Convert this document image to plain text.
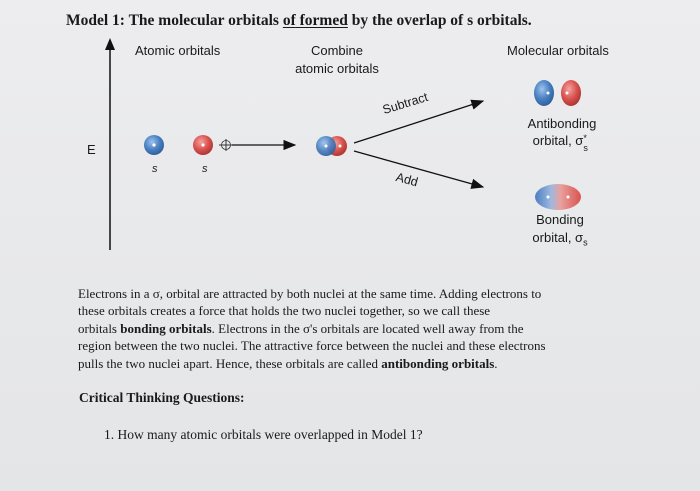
Model 1: The molecular orbitals of formed by the overlap of s orbitals.
Atomic orbitals	Combine
atomic orbitals
Molecular orbitals
E
s	s
Subtract
Add
Antibonding
orbital, σ *
s

Bonding
orbital, $\sigma_s$
Electrons in a σ, orbital are attracted by both nuclei at the same time. Adding electrons to
these orbitals creates a force that holds the two nuclei together, so we call these
orbitals bonding orbitals. Electrons in the σ's orbitals are located well away from the
region between the two nuclei. The attractive force between the nuclei and these electrons
pulls the two nuclei apart. Hence, these orbitals are called antibonding orbitals.
Critical Thinking Questions:
1. How many atomic orbitals were overlapped in Model 1?
